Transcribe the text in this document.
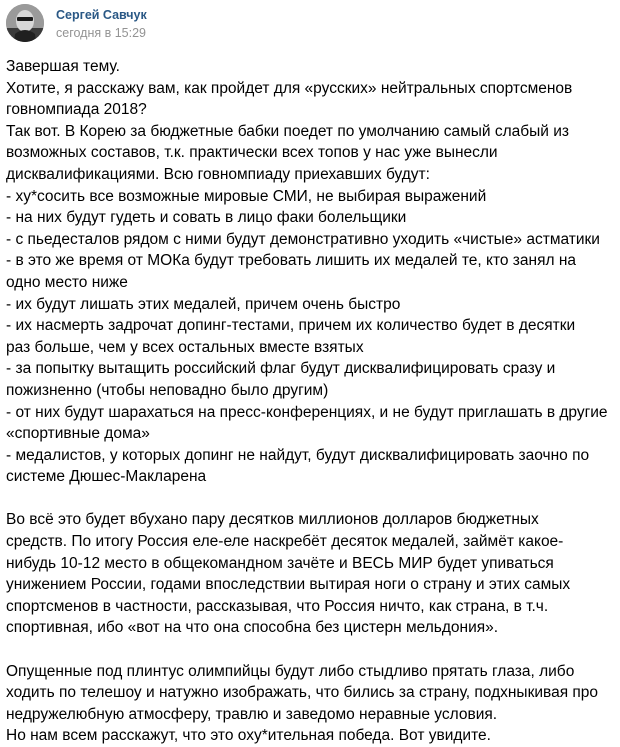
Сергей Савчук
сегодня в 15:29

Завершая тему.

Хотите, я расскажу вам, как пройдет для «русских» нейтральных спортсменов

говномпиада 2018?

Так вот. В Корею за бюджетные бабки поедет по умолчанию самый слабый из

возможных составов, т.к. практически всех топов у нас уже вынесли

дисквалификациями. Всю говномпиаду приехавших будут:

- ху*сосить все возможные мировые СМИ, не выбирая выражений

- на них будут гудеть и совать в лицо факи болельщики

- с пьедесталов рядом с ними будут демонстративно уходить «чистые» астматики

- в это же время от МОКа будут требовать лишить их медалей те, кто занял на

одно место ниже

- их будут лишать этих медалей, причем очень быстро

- их насмерть задрочат допинг-тестами, причем их количество будет в десятки

раз больше, чем у всех остальных вместе взятых

- за попытку вытащить российский флаг будут дисквалифицировать сразу и

пожизненно (чтобы неповадно было другим)

- от них будут шарахаться на пресс-конференциях, и не будут приглашать в другие

«спортивные дома»

- медалистов, у которых допинг не найдут, будут дисквалифицировать заочно по

системе Дюшес-Макларена

Во всё это будет вбухано пару десятков миллионов долларов бюджетных

средств. По итогу Россия еле-еле наскребёт десяток медалей, займёт какое-

нибудь 10-12 место в общекомандном зачёте и ВЕСЬ МИР будет упиваться

унижением России, годами впоследствии вытирая ноги о страну и этих самых

спортсменов в частности, рассказывая, что Россия ничто, как страна, в т.ч.

спортивная, ибо «вот на что она способна без цистерн мельдония».

Опущенные под плинтус олимпийцы будут либо стыдливо прятать глаза, либо

ходить по телешоу и натужно изображать, что бились за страну, подхныкивая про

недружелюбную атмосферу, травлю и заведомо неравные условия.

Но нам всем расскажут, что это оху*ительная победа. Вот увидите.
